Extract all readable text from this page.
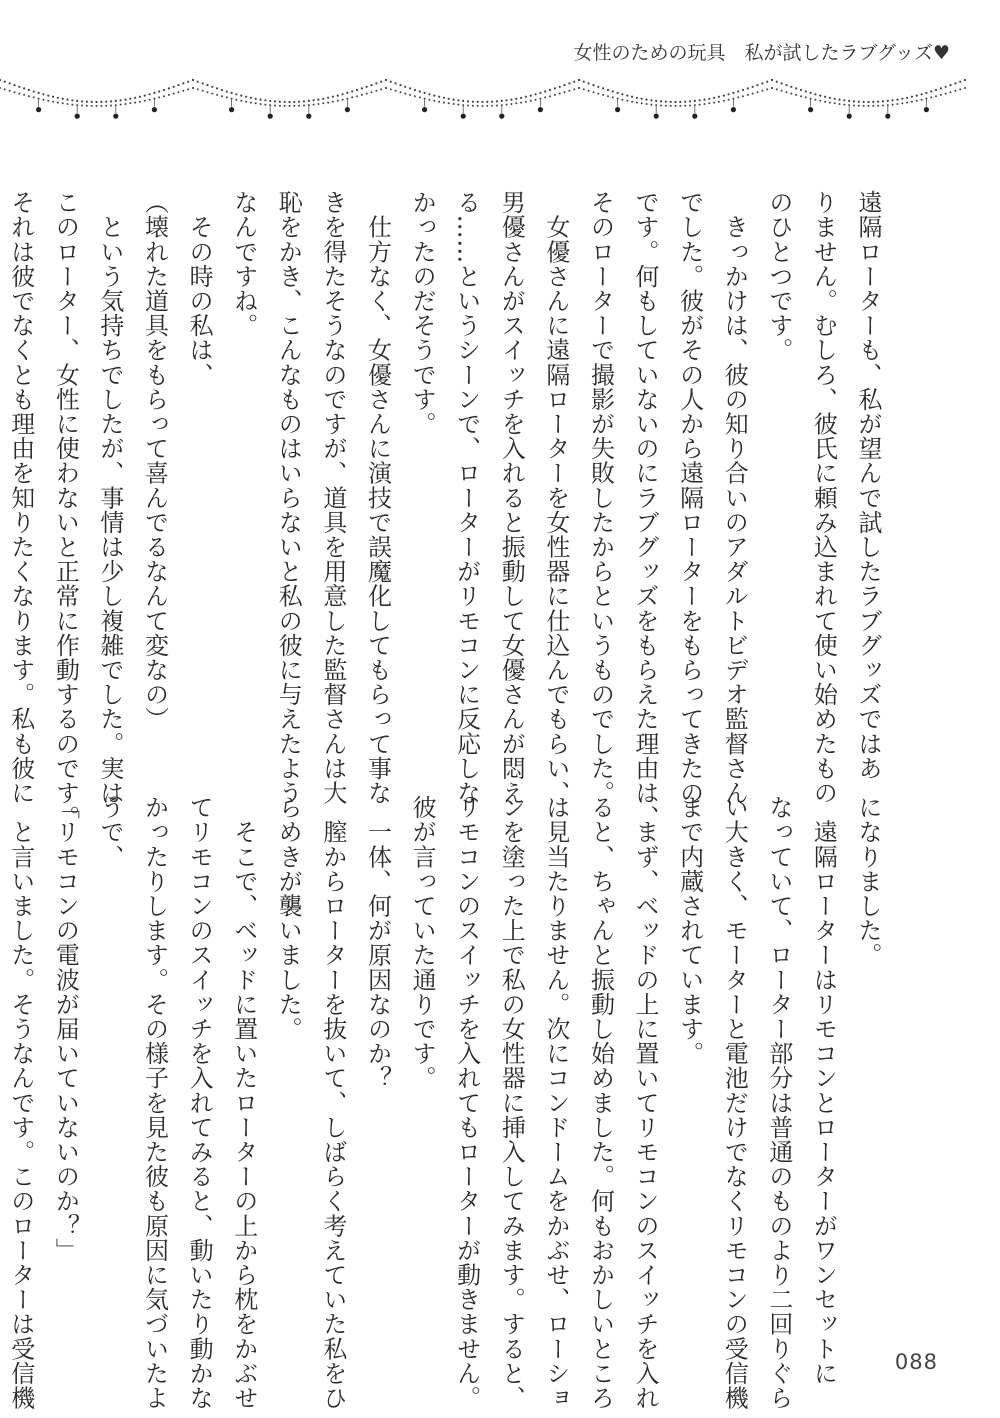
女性のための玩具　私が試したラブグッズ♥

遠隔ローターも、私が望んで試したラブグッズではあ

りません。むしろ、彼氏に頼み込まれて使い始めたもの

のひとつです。

　きっかけは、彼の知り合いのアダルトビデオ監督さん

でした。彼がその人から遠隔ローターをもらってきたの

です。何もしていないのにラブグッズをもらえた理由は、

そのローターで撮影が失敗したからというものでした。

　女優さんに遠隔ローターを女性器に仕込んでもらい、

男優さんがスイッチを入れると振動して女優さんが悶え

る……というシーンで、ローターがリモコンに反応しな

かったのだそうです。

　仕方なく、女優さんに演技で誤魔化してもらって事な

きを得たそうなのですが、道具を用意した監督さんは大

恥をかき、こんなものはいらないと私の彼に与えたよう

なんですね。

　その時の私は、

（壊れた道具をもらって喜んでるなんて変なの）

　という気持ちでしたが、事情は少し複雑でした。実は

このローター、女性に使わないと正常に作動するのです。

それは彼でなくとも理由を知りたくなります。私も彼に

になりました。

　遠隔ローターはリモコンとローターがワンセットに

なっていて、ローター部分は普通のものより二回りぐら

い大きく、モーターと電池だけでなくリモコンの受信機

まで内蔵されています。

　まず、ベッドの上に置いてリモコンのスイッチを入れ

ると、ちゃんと振動し始めました。何もおかしいところ

は見当たりません。次にコンドームをかぶせ、ローショ

ンを塗った上で私の女性器に挿入してみます。すると、

リモコンのスイッチを入れてもローターが動きません。

彼が言っていた通りです。

　一体、何が原因なのか？

　膣からローターを抜いて、しばらく考えていた私をひ

らめきが襲いました。

　そこで、ベッドに置いたローターの上から枕をかぶせ

てリモコンのスイッチを入れてみると、動いたり動かな

かったりします。その様子を見た彼も原因に気づいたよ

うで、

「リモコンの電波が届いていないのか？」

　と言いました。そうなんです。このローターは受信機	088
